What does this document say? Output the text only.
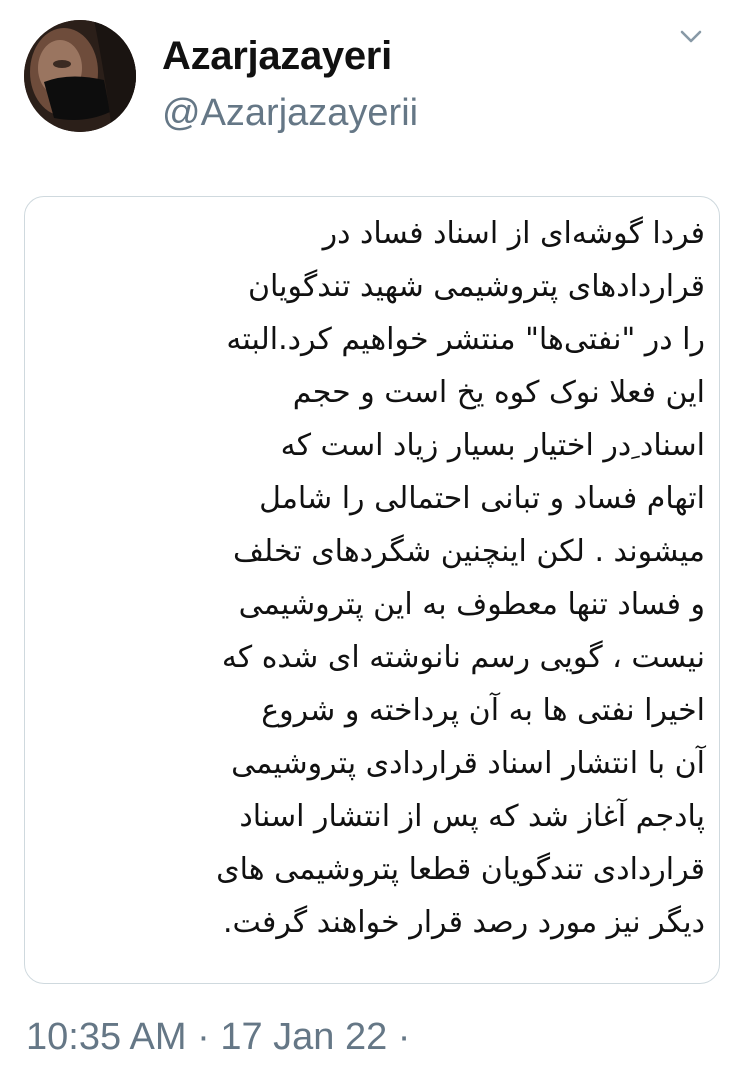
Azarjazayeri
@Azarjazayerii
فردا گوشه‌ای از اسناد فساد در
قراردادهای پتروشیمی شهید تندگویان
را در "نفتی‌ها" منتشر خواهیم کرد.البته
این فعلا نوک کوه یخ است و حجم
اسناد ِدر اختیار بسیار زیاد است که
اتهام فساد و تبانی احتمالی را شامل
میشوند . لکن اینچنین شگردهای تخلف
و فساد تنها معطوف به این پتروشیمی
نیست ، گویی رسم نانوشته ای شده که
اخیرا نفتی ها به آن پرداخته و شروع
آن با انتشار اسناد قراردادی پتروشیمی
پادجم آغاز شد که پس از انتشار اسناد
قراردادی تندگویان قطعا پتروشیمی های
دیگر نیز مورد رصد قرار خواهند گرفت.
10:35 AM · 17 Jan 22 ·
